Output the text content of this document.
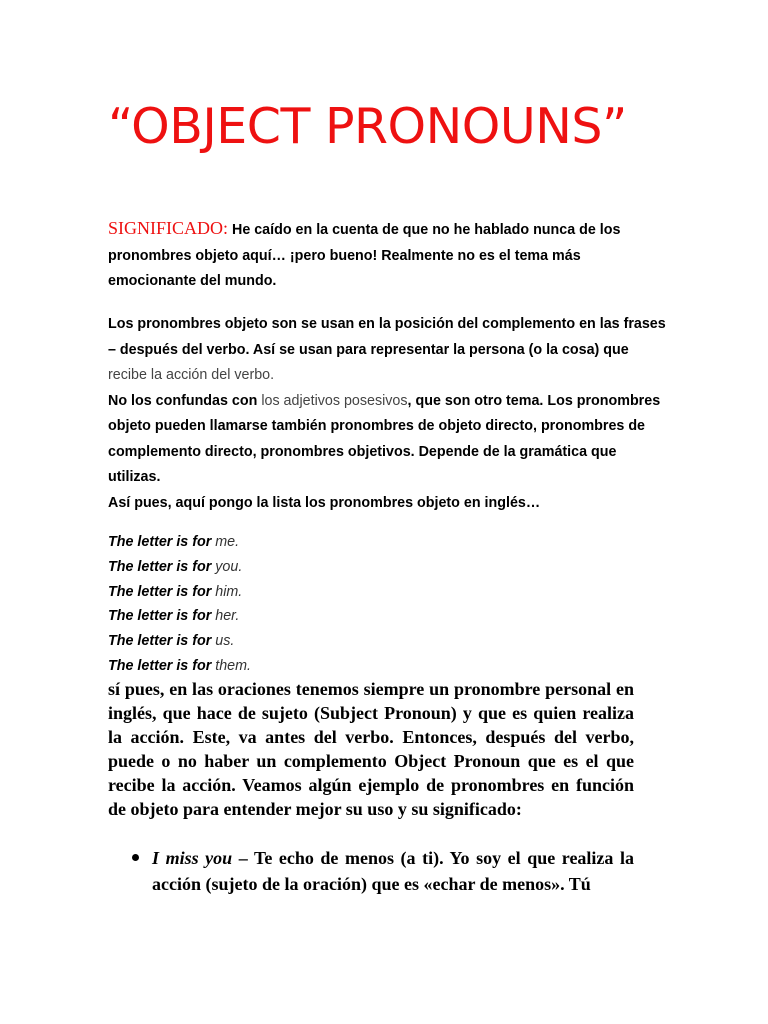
“OBJECT PRONOUNS”
SIGNIFICADO: He caído en la cuenta de que no he hablado nunca de los pronombres objeto aquí… ¡pero bueno! Realmente no es el tema más emocionante del mundo.
Los pronombres objeto son se usan en la posición del complemento en las frases – después del verbo. Así se usan para representar la persona (o la cosa) que recibe la acción del verbo.
No los confundas con los adjetivos posesivos, que son otro tema. Los pronombres objeto pueden llamarse también pronombres de objeto directo, pronombres de complemento directo, pronombres objetivos. Depende de la gramática que utilizas.
Así pues, aquí pongo la lista los pronombres objeto en inglés…
The letter is for me.
The letter is for you.
The letter is for him.
The letter is for her.
The letter is for us.
The letter is for them.
sí pues, en las oraciones tenemos siempre un pronombre personal en inglés, que hace de sujeto (Subject Pronoun) y que es quien realiza la acción. Este, va antes del verbo. Entonces, después del verbo, puede o no haber un complemento Object Pronoun que es el que recibe la acción. Veamos algún ejemplo de pronombres en función de objeto para entender mejor su uso y su significado:
I miss you – Te echo de menos (a ti). Yo soy el que realiza la acción (sujeto de la oración) que es «echar de menos». Tú
